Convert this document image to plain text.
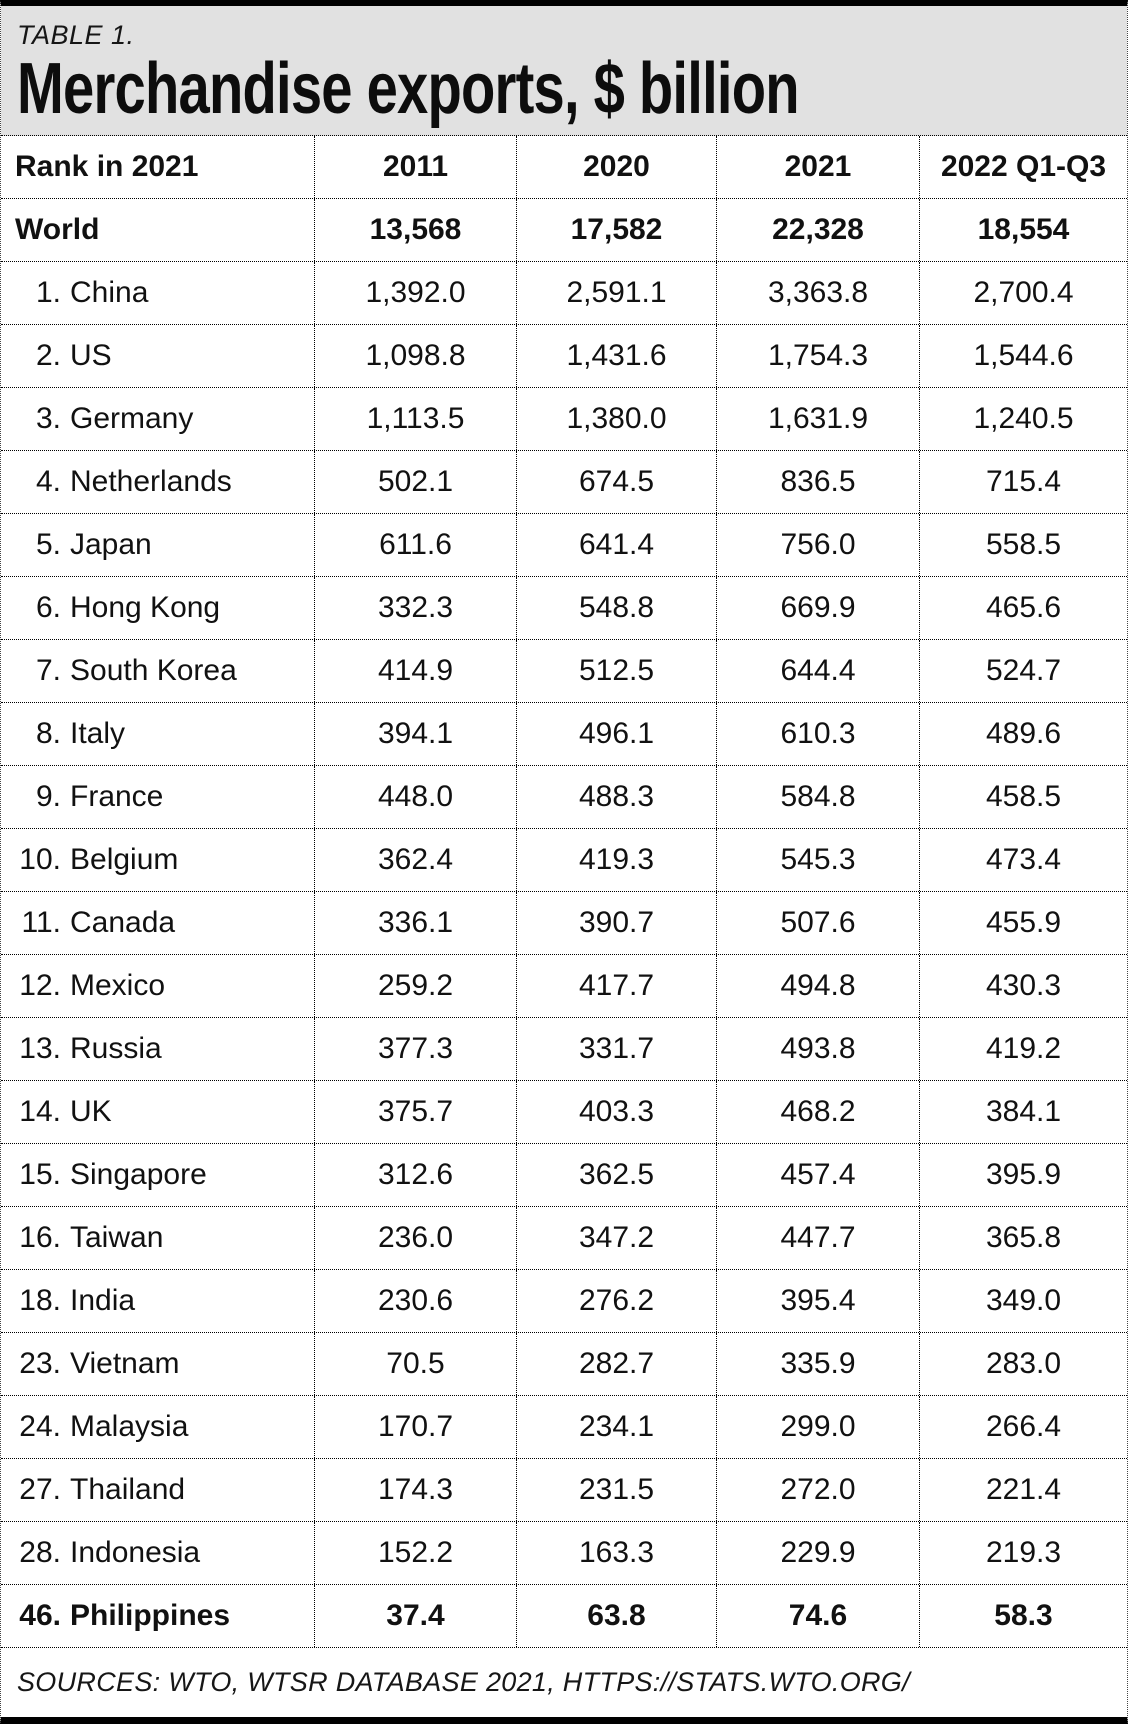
TABLE 1.
Merchandise exports, $ billion
Rank in 2021	2011	2020	2021	2022 Q1-Q3
World	13,568	17,582	22,328	18,554
1. China	1,392.0	2,591.1	3,363.8	2,700.4
2. US	1,098.8	1,431.6	1,754.3	1,544.6
3. Germany	1,113.5	1,380.0	1,631.9	1,240.5
4. Netherlands	502.1	674.5	836.5	715.4
5. Japan	611.6	641.4	756.0	558.5
6. Hong Kong	332.3	548.8	669.9	465.6
7. South Korea	414.9	512.5	644.4	524.7
8. Italy	394.1	496.1	610.3	489.6
9. France	448.0	488.3	584.8	458.5
10. Belgium	362.4	419.3	545.3	473.4
11. Canada	336.1	390.7	507.6	455.9
12. Mexico	259.2	417.7	494.8	430.3
13. Russia	377.3	331.7	493.8	419.2
14. UK	375.7	403.3	468.2	384.1
15. Singapore	312.6	362.5	457.4	395.9
16. Taiwan	236.0	347.2	447.7	365.8
18. India	230.6	276.2	395.4	349.0
23. Vietnam	70.5	282.7	335.9	283.0
24. Malaysia	170.7	234.1	299.0	266.4
27. Thailand	174.3	231.5	272.0	221.4
28. Indonesia	152.2	163.3	229.9	219.3
46. Philippines	37.4	63.8	74.6	58.3
SOURCES: WTO, WTSR DATABASE 2021, HTTPS://STATS.WTO.ORG/
